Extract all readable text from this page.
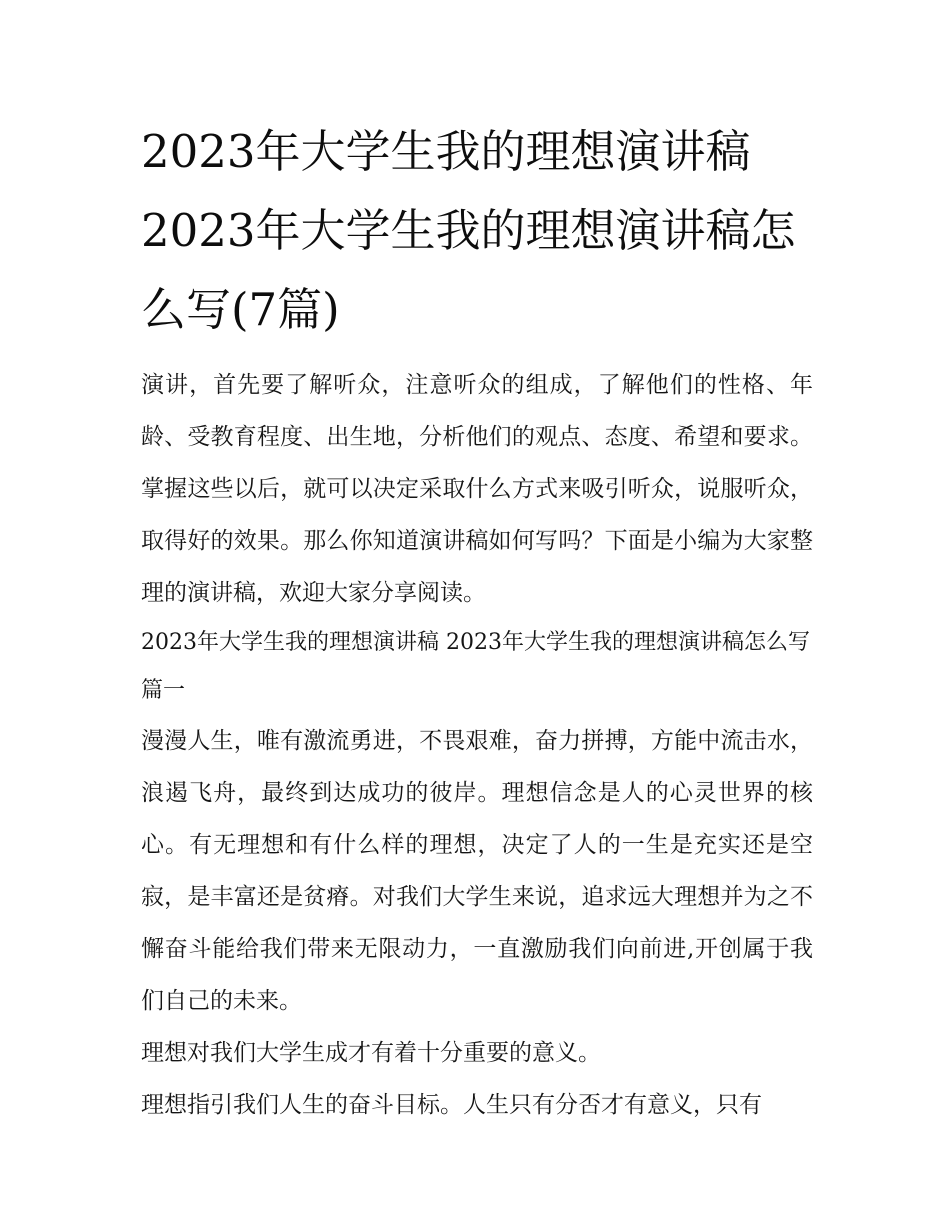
2023年大学生我的理想演讲稿 2023年大学生我的理想演讲稿怎么写(7篇)

演讲，首先要了解听众，注意听众的组成，了解他们的性格、年龄、受教育程度、出生地，分析他们的观点、态度、希望和要求。掌握这些以后，就可以决定采取什么方式来吸引听众，说服听众，取得好的效果。那么你知道演讲稿如何写吗？下面是小编为大家整理的演讲稿，欢迎大家分享阅读。

2023年大学生我的理想演讲稿 2023年大学生我的理想演讲稿怎么写篇一

漫漫人生，唯有激流勇进，不畏艰难，奋力拼搏，方能中流击水，浪遏飞舟，最终到达成功的彼岸。理想信念是人的心灵世界的核心。有无理想和有什么样的理想，决定了人的一生是充实还是空寂，是丰富还是贫瘠。对我们大学生来说，追求远大理想并为之不懈奋斗能给我们带来无限动力，一直激励我们向前进,开创属于我们自己的未来。

理想对我们大学生成才有着十分重要的意义。

理想指引我们人生的奋斗目标。人生只有分否才有意义，只有
